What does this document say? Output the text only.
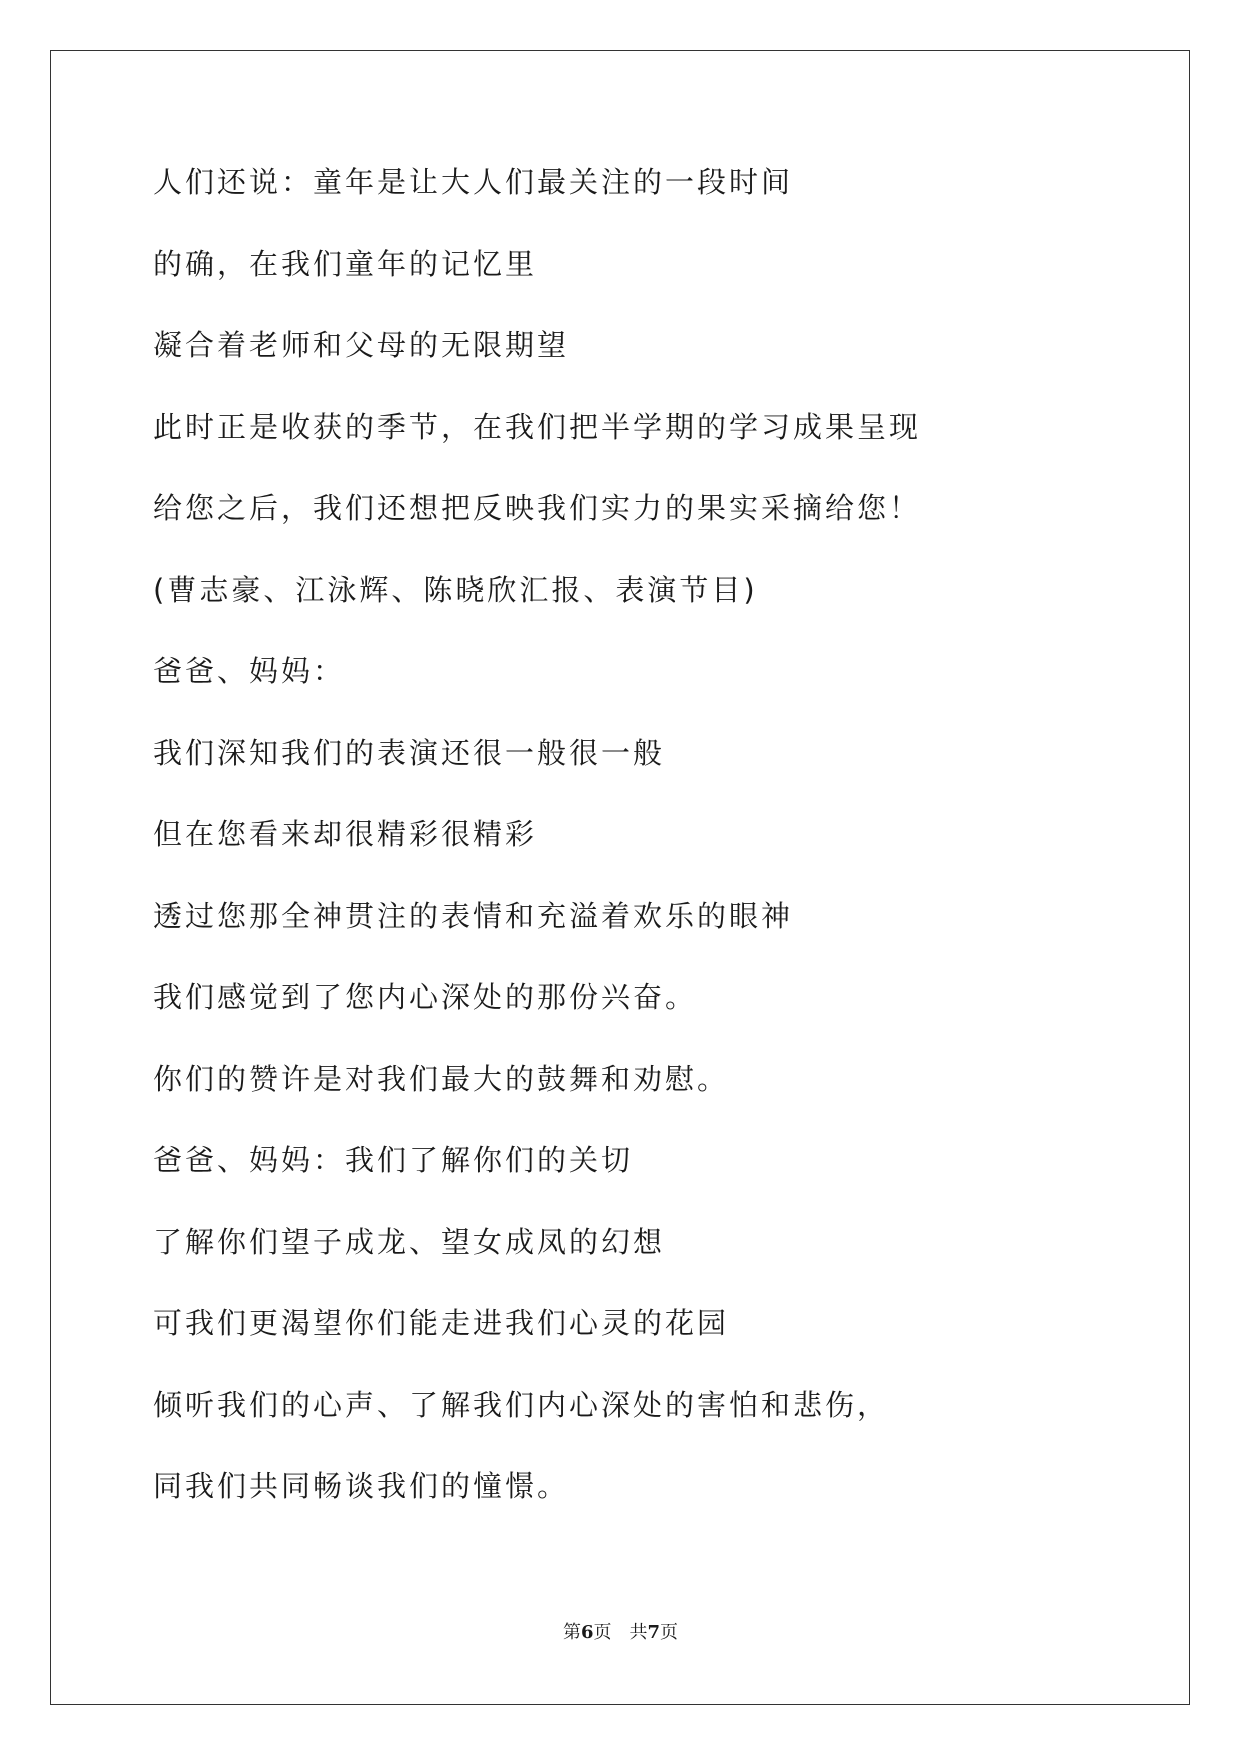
人们还说：童年是让大人们最关注的一段时间
的确，在我们童年的记忆里
凝合着老师和父母的无限期望
此时正是收获的季节，在我们把半学期的学习成果呈现
给您之后，我们还想把反映我们实力的果实采摘给您！
(曹志豪、江泳辉、陈晓欣汇报、表演节目)
爸爸、妈妈：
我们深知我们的表演还很一般很一般
但在您看来却很精彩很精彩
透过您那全神贯注的表情和充溢着欢乐的眼神
我们感觉到了您内心深处的那份兴奋。
你们的赞许是对我们最大的鼓舞和劝慰。
爸爸、妈妈：我们了解你们的关切
了解你们望子成龙、望女成凤的幻想
可我们更渴望你们能走进我们心灵的花园
倾听我们的心声、了解我们内心深处的害怕和悲伤，
同我们共同畅谈我们的憧憬。
第6页 共7页
